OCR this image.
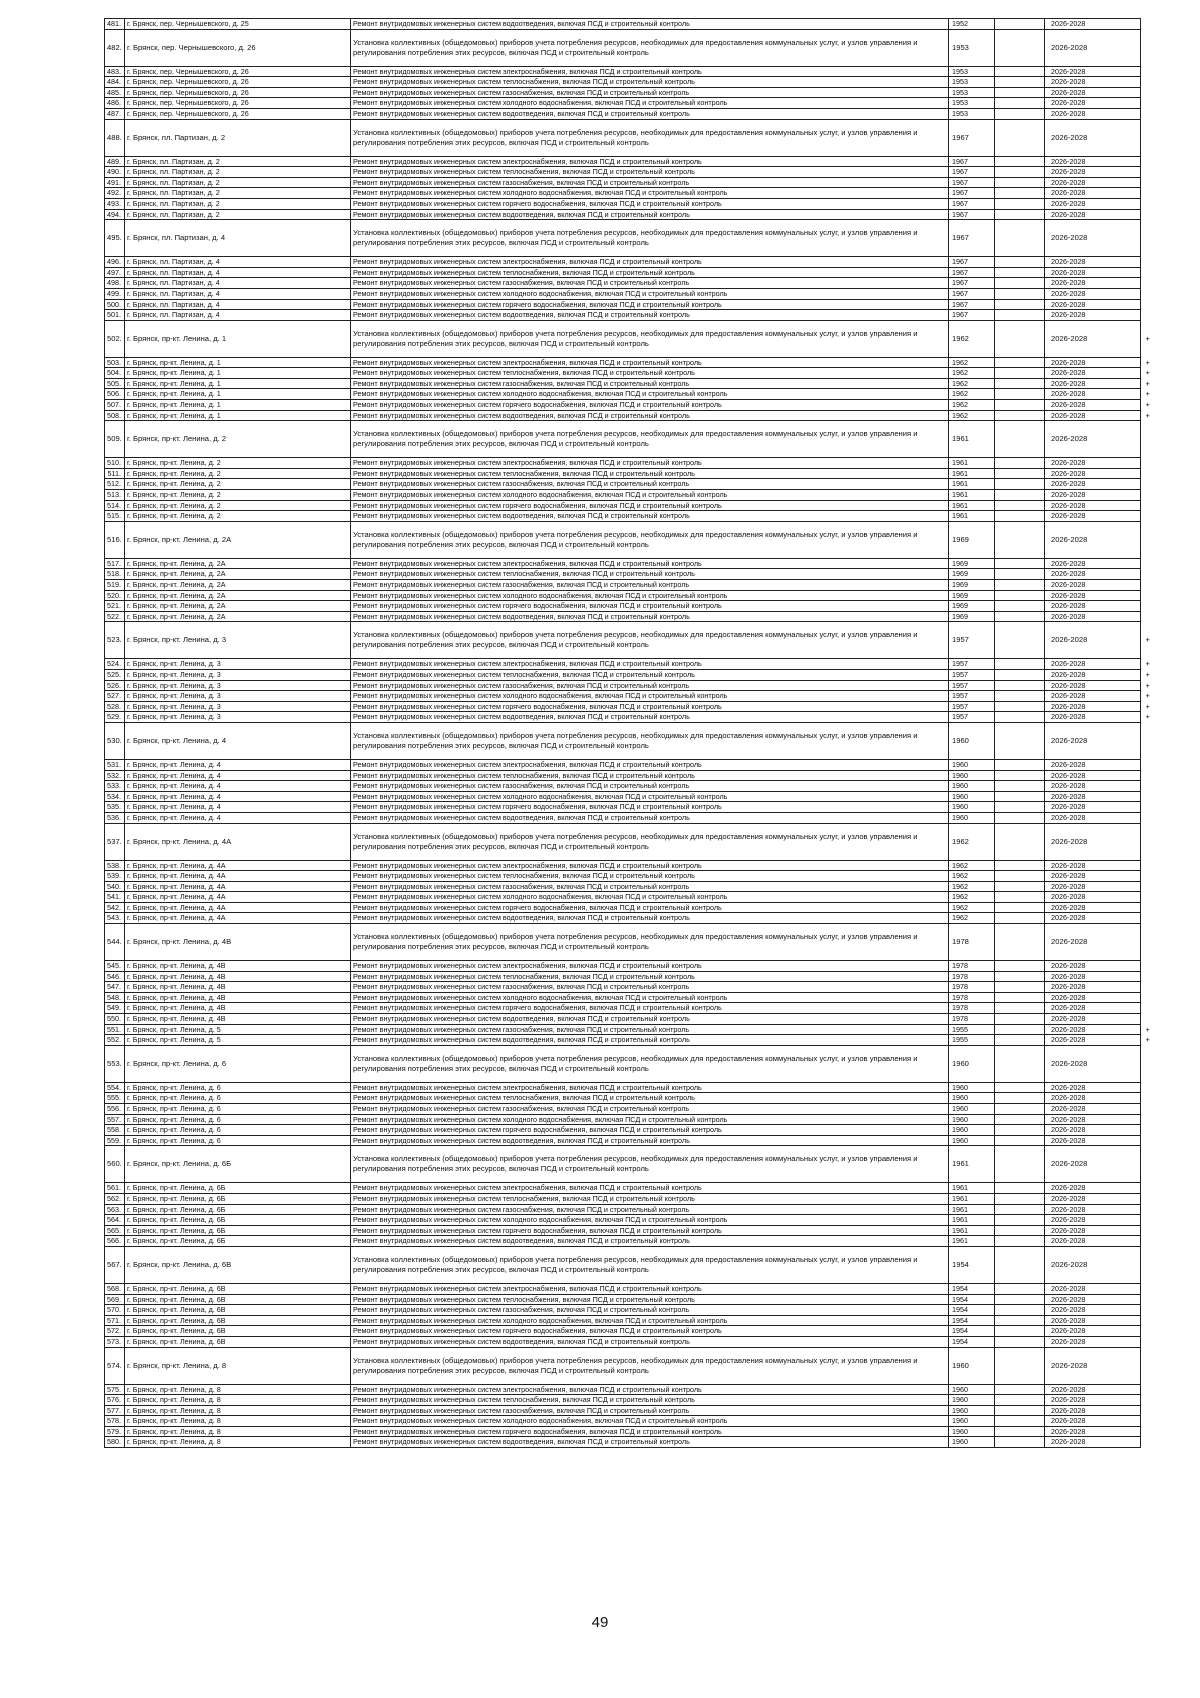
481.	г. Брянск, пер. Чернышевского, д. 25	Ремонт внутридомовых инженерных систем водоотведения, включая ПСД и строительный контроль	1952		2026-2028	
482.	г. Брянск, пер. Чернышевского, д. 26	Установка коллективных (общедомовых) приборов учета потребления ресурсов, необходимых для предоставления коммунальных услуг, и узлов управления и регулирования потребления этих ресурсов, включая ПСД и строительный контроль	1953		2026-2028	
483.	г. Брянск, пер. Чернышевского, д. 26	Ремонт внутридомовых инженерных систем электроснабжения, включая ПСД и строительный контроль	1953		2026-2028	
484.	г. Брянск, пер. Чернышевского, д. 26	Ремонт внутридомовых инженерных систем теплоснабжения, включая ПСД и строительный контроль	1953		2026-2028	
485.	г. Брянск, пер. Чернышевского, д. 26	Ремонт внутридомовых инженерных систем газоснабжения, включая ПСД и строительный контроль	1953		2026-2028	
486.	г. Брянск, пер. Чернышевского, д. 26	Ремонт внутридомовых инженерных систем холодного водоснабжения, включая ПСД и строительный контроль	1953		2026-2028	
487.	г. Брянск, пер. Чернышевского, д. 26	Ремонт внутридомовых инженерных систем водоотведения, включая ПСД и строительный контроль	1953		2026-2028	
488.	г. Брянск, пл. Партизан, д. 2	Установка коллективных (общедомовых) приборов учета потребления ресурсов, необходимых для предоставления коммунальных услуг, и узлов управления и регулирования потребления этих ресурсов, включая ПСД и строительный контроль	1967		2026-2028	
489.	г. Брянск, пл. Партизан, д. 2	Ремонт внутридомовых инженерных систем электроснабжения, включая ПСД и строительный контроль	1967		2026-2028	
490.	г. Брянск, пл. Партизан, д. 2	Ремонт внутридомовых инженерных систем теплоснабжения, включая ПСД и строительный контроль	1967		2026-2028	
491.	г. Брянск, пл. Партизан, д. 2	Ремонт внутридомовых инженерных систем газоснабжения, включая ПСД и строительный контроль	1967		2026-2028	
492.	г. Брянск, пл. Партизан, д. 2	Ремонт внутридомовых инженерных систем холодного водоснабжения, включая ПСД и строительный контроль	1967		2026-2028	
493.	г. Брянск, пл. Партизан, д. 2	Ремонт внутридомовых инженерных систем горячего водоснабжения, включая ПСД и строительный контроль	1967		2026-2028	
494.	г. Брянск, пл. Партизан, д. 2	Ремонт внутридомовых инженерных систем водоотведения, включая ПСД и строительный контроль	1967		2026-2028	
495.	г. Брянск, пл. Партизан, д. 4	Установка коллективных (общедомовых) приборов учета потребления ресурсов, необходимых для предоставления коммунальных услуг, и узлов управления и регулирования потребления этих ресурсов, включая ПСД и строительный контроль	1967		2026-2028	
496.	г. Брянск, пл. Партизан, д. 4	Ремонт внутридомовых инженерных систем электроснабжения, включая ПСД и строительный контроль	1967		2026-2028	
497.	г. Брянск, пл. Партизан, д. 4	Ремонт внутридомовых инженерных систем теплоснабжения, включая ПСД и строительный контроль	1967		2026-2028	
498.	г. Брянск, пл. Партизан, д. 4	Ремонт внутридомовых инженерных систем газоснабжения, включая ПСД и строительный контроль	1967		2026-2028	
499.	г. Брянск, пл. Партизан, д. 4	Ремонт внутридомовых инженерных систем холодного водоснабжения, включая ПСД и строительный контроль	1967		2026-2028	
500.	г. Брянск, пл. Партизан, д. 4	Ремонт внутридомовых инженерных систем горячего водоснабжения, включая ПСД и строительный контроль	1967		2026-2028	
501.	г. Брянск, пл. Партизан, д. 4	Ремонт внутридомовых инженерных систем водоотведения, включая ПСД и строительный контроль	1967		2026-2028	
502.	г. Брянск, пр-кт. Ленина, д. 1	Установка коллективных (общедомовых) приборов учета потребления ресурсов, необходимых для предоставления коммунальных услуг, и узлов управления и регулирования потребления этих ресурсов, включая ПСД и строительный контроль	1962		2026-2028	+
503.	г. Брянск, пр-кт. Ленина, д. 1	Ремонт внутридомовых инженерных систем электроснабжения, включая ПСД и строительный контроль	1962		2026-2028	+
504.	г. Брянск, пр-кт. Ленина, д. 1	Ремонт внутридомовых инженерных систем теплоснабжения, включая ПСД и строительный контроль	1962		2026-2028	+
505.	г. Брянск, пр-кт. Ленина, д. 1	Ремонт внутридомовых инженерных систем газоснабжения, включая ПСД и строительный контроль	1962		2026-2028	+
506.	г. Брянск, пр-кт. Ленина, д. 1	Ремонт внутридомовых инженерных систем холодного водоснабжения, включая ПСД и строительный контроль	1962		2026-2028	+
507.	г. Брянск, пр-кт. Ленина, д. 1	Ремонт внутридомовых инженерных систем горячего водоснабжения, включая ПСД и строительный контроль	1962		2026-2028	+
508.	г. Брянск, пр-кт. Ленина, д. 1	Ремонт внутридомовых инженерных систем водоотведения, включая ПСД и строительный контроль	1962		2026-2028	+
509.	г. Брянск, пр-кт. Ленина, д. 2	Установка коллективных (общедомовых) приборов учета потребления ресурсов, необходимых для предоставления коммунальных услуг, и узлов управления и регулирования потребления этих ресурсов, включая ПСД и строительный контроль	1961		2026-2028	
510.	г. Брянск, пр-кт. Ленина, д. 2	Ремонт внутридомовых инженерных систем электроснабжения, включая ПСД и строительный контроль	1961		2026-2028	
511.	г. Брянск, пр-кт. Ленина, д. 2	Ремонт внутридомовых инженерных систем теплоснабжения, включая ПСД и строительный контроль	1961		2026-2028	
512.	г. Брянск, пр-кт. Ленина, д. 2	Ремонт внутридомовых инженерных систем газоснабжения, включая ПСД и строительный контроль	1961		2026-2028	
513.	г. Брянск, пр-кт. Ленина, д. 2	Ремонт внутридомовых инженерных систем холодного водоснабжения, включая ПСД и строительный контроль	1961		2026-2028	
514.	г. Брянск, пр-кт. Ленина, д. 2	Ремонт внутридомовых инженерных систем горячего водоснабжения, включая ПСД и строительный контроль	1961		2026-2028	
515.	г. Брянск, пр-кт. Ленина, д. 2	Ремонт внутридомовых инженерных систем водоотведения, включая ПСД и строительный контроль	1961		2026-2028	
516.	г. Брянск, пр-кт. Ленина, д. 2А	Установка коллективных (общедомовых) приборов учета потребления ресурсов, необходимых для предоставления коммунальных услуг, и узлов управления и регулирования потребления этих ресурсов, включая ПСД и строительный контроль	1969		2026-2028	
517.	г. Брянск, пр-кт. Ленина, д. 2А	Ремонт внутридомовых инженерных систем электроснабжения, включая ПСД и строительный контроль	1969		2026-2028	
518.	г. Брянск, пр-кт. Ленина, д. 2А	Ремонт внутридомовых инженерных систем теплоснабжения, включая ПСД и строительный контроль	1969		2026-2028	
519.	г. Брянск, пр-кт. Ленина, д. 2А	Ремонт внутридомовых инженерных систем газоснабжения, включая ПСД и строительный контроль	1969		2026-2028	
520.	г. Брянск, пр-кт. Ленина, д. 2А	Ремонт внутридомовых инженерных систем холодного водоснабжения, включая ПСД и строительный контроль	1969		2026-2028	
521.	г. Брянск, пр-кт. Ленина, д. 2А	Ремонт внутридомовых инженерных систем горячего водоснабжения, включая ПСД и строительный контроль	1969		2026-2028	
522.	г. Брянск, пр-кт. Ленина, д. 2А	Ремонт внутридомовых инженерных систем водоотведения, включая ПСД и строительный контроль	1969		2026-2028	
523.	г. Брянск, пр-кт. Ленина, д. 3	Установка коллективных (общедомовых) приборов учета потребления ресурсов, необходимых для предоставления коммунальных услуг, и узлов управления и регулирования потребления этих ресурсов, включая ПСД и строительный контроль	1957		2026-2028	+
524.	г. Брянск, пр-кт. Ленина, д. 3	Ремонт внутридомовых инженерных систем электроснабжения, включая ПСД и строительный контроль	1957		2026-2028	+
525.	г. Брянск, пр-кт. Ленина, д. 3	Ремонт внутридомовых инженерных систем теплоснабжения, включая ПСД и строительный контроль	1957		2026-2028	+
526.	г. Брянск, пр-кт. Ленина, д. 3	Ремонт внутридомовых инженерных систем газоснабжения, включая ПСД и строительный контроль	1957		2026-2028	+
527.	г. Брянск, пр-кт. Ленина, д. 3	Ремонт внутридомовых инженерных систем холодного водоснабжения, включая ПСД и строительный контроль	1957		2026-2028	+
528.	г. Брянск, пр-кт. Ленина, д. 3	Ремонт внутридомовых инженерных систем горячего водоснабжения, включая ПСД и строительный контроль	1957		2026-2028	+
529.	г. Брянск, пр-кт. Ленина, д. 3	Ремонт внутридомовых инженерных систем водоотведения, включая ПСД и строительный контроль	1957		2026-2028	+
530.	г. Брянск, пр-кт. Ленина, д. 4	Установка коллективных (общедомовых) приборов учета потребления ресурсов, необходимых для предоставления коммунальных услуг, и узлов управления и регулирования потребления этих ресурсов, включая ПСД и строительный контроль	1960		2026-2028	
531.	г. Брянск, пр-кт. Ленина, д. 4	Ремонт внутридомовых инженерных систем электроснабжения, включая ПСД и строительный контроль	1960		2026-2028	
532.	г. Брянск, пр-кт. Ленина, д. 4	Ремонт внутридомовых инженерных систем теплоснабжения, включая ПСД и строительный контроль	1960		2026-2028	
533.	г. Брянск, пр-кт. Ленина, д. 4	Ремонт внутридомовых инженерных систем газоснабжения, включая ПСД и строительный контроль	1960		2026-2028	
534.	г. Брянск, пр-кт. Ленина, д. 4	Ремонт внутридомовых инженерных систем холодного водоснабжения, включая ПСД и строительный контроль	1960		2026-2028	
535.	г. Брянск, пр-кт. Ленина, д. 4	Ремонт внутридомовых инженерных систем горячего водоснабжения, включая ПСД и строительный контроль	1960		2026-2028	
536.	г. Брянск, пр-кт. Ленина, д. 4	Ремонт внутридомовых инженерных систем водоотведения, включая ПСД и строительный контроль	1960		2026-2028	
537.	г. Брянск, пр-кт. Ленина, д. 4А	Установка коллективных (общедомовых) приборов учета потребления ресурсов, необходимых для предоставления коммунальных услуг, и узлов управления и регулирования потребления этих ресурсов, включая ПСД и строительный контроль	1962		2026-2028	
538.	г. Брянск, пр-кт. Ленина, д. 4А	Ремонт внутридомовых инженерных систем электроснабжения, включая ПСД и строительный контроль	1962		2026-2028	
539.	г. Брянск, пр-кт. Ленина, д. 4А	Ремонт внутридомовых инженерных систем теплоснабжения, включая ПСД и строительный контроль	1962		2026-2028	
540.	г. Брянск, пр-кт. Ленина, д. 4А	Ремонт внутридомовых инженерных систем газоснабжения, включая ПСД и строительный контроль	1962		2026-2028	
541.	г. Брянск, пр-кт. Ленина, д. 4А	Ремонт внутридомовых инженерных систем холодного водоснабжения, включая ПСД и строительный контроль	1962		2026-2028	
542.	г. Брянск, пр-кт. Ленина, д. 4А	Ремонт внутридомовых инженерных систем горячего водоснабжения, включая ПСД и строительный контроль	1962		2026-2028	
543.	г. Брянск, пр-кт. Ленина, д. 4А	Ремонт внутридомовых инженерных систем водоотведения, включая ПСД и строительный контроль	1962		2026-2028	
544.	г. Брянск, пр-кт. Ленина, д. 4В	Установка коллективных (общедомовых) приборов учета потребления ресурсов, необходимых для предоставления коммунальных услуг, и узлов управления и регулирования потребления этих ресурсов, включая ПСД и строительный контроль	1978		2026-2028	
545.	г. Брянск, пр-кт. Ленина, д. 4В	Ремонт внутридомовых инженерных систем электроснабжения, включая ПСД и строительный контроль	1978		2026-2028	
546.	г. Брянск, пр-кт. Ленина, д. 4В	Ремонт внутридомовых инженерных систем теплоснабжения, включая ПСД и строительный контроль	1978		2026-2028	
547.	г. Брянск, пр-кт. Ленина, д. 4В	Ремонт внутридомовых инженерных систем газоснабжения, включая ПСД и строительный контроль	1978		2026-2028	
548.	г. Брянск, пр-кт. Ленина, д. 4В	Ремонт внутридомовых инженерных систем холодного водоснабжения, включая ПСД и строительный контроль	1978		2026-2028	
549.	г. Брянск, пр-кт. Ленина, д. 4В	Ремонт внутридомовых инженерных систем горячего водоснабжения, включая ПСД и строительный контроль	1978		2026-2028	
550.	г. Брянск, пр-кт. Ленина, д. 4В	Ремонт внутридомовых инженерных систем водоотведения, включая ПСД и строительный контроль	1978		2026-2028	
551.	г. Брянск, пр-кт. Ленина, д. 5	Ремонт внутридомовых инженерных систем газоснабжения, включая ПСД и строительный контроль	1955		2026-2028	+
552.	г. Брянск, пр-кт. Ленина, д. 5	Ремонт внутридомовых инженерных систем водоотведения, включая ПСД и строительный контроль	1955		2026-2028	+
553.	г. Брянск, пр-кт. Ленина, д. 6	Установка коллективных (общедомовых) приборов учета потребления ресурсов, необходимых для предоставления коммунальных услуг, и узлов управления и регулирования потребления этих ресурсов, включая ПСД и строительный контроль	1960		2026-2028	
554.	г. Брянск, пр-кт. Ленина, д. 6	Ремонт внутридомовых инженерных систем электроснабжения, включая ПСД и строительный контроль	1960		2026-2028	
555.	г. Брянск, пр-кт. Ленина, д. 6	Ремонт внутридомовых инженерных систем теплоснабжения, включая ПСД и строительный контроль	1960		2026-2028	
556.	г. Брянск, пр-кт. Ленина, д. 6	Ремонт внутридомовых инженерных систем газоснабжения, включая ПСД и строительный контроль	1960		2026-2028	
557.	г. Брянск, пр-кт. Ленина, д. 6	Ремонт внутридомовых инженерных систем холодного водоснабжения, включая ПСД и строительный контроль	1960		2026-2028	
558.	г. Брянск, пр-кт. Ленина, д. 6	Ремонт внутридомовых инженерных систем горячего водоснабжения, включая ПСД и строительный контроль	1960		2026-2028	
559.	г. Брянск, пр-кт. Ленина, д. 6	Ремонт внутридомовых инженерных систем водоотведения, включая ПСД и строительный контроль	1960		2026-2028	
560.	г. Брянск, пр-кт. Ленина, д. 6Б	Установка коллективных (общедомовых) приборов учета потребления ресурсов, необходимых для предоставления коммунальных услуг, и узлов управления и регулирования потребления этих ресурсов, включая ПСД и строительный контроль	1961		2026-2028	
561.	г. Брянск, пр-кт. Ленина, д. 6Б	Ремонт внутридомовых инженерных систем электроснабжения, включая ПСД и строительный контроль	1961		2026-2028	
562.	г. Брянск, пр-кт. Ленина, д. 6Б	Ремонт внутридомовых инженерных систем теплоснабжения, включая ПСД и строительный контроль	1961		2026-2028	
563.	г. Брянск, пр-кт. Ленина, д. 6Б	Ремонт внутридомовых инженерных систем газоснабжения, включая ПСД и строительный контроль	1961		2026-2028	
564.	г. Брянск, пр-кт. Ленина, д. 6Б	Ремонт внутридомовых инженерных систем холодного водоснабжения, включая ПСД и строительный контроль	1961		2026-2028	
565.	г. Брянск, пр-кт. Ленина, д. 6Б	Ремонт внутридомовых инженерных систем горячего водоснабжения, включая ПСД и строительный контроль	1961		2026-2028	
566.	г. Брянск, пр-кт. Ленина, д. 6Б	Ремонт внутридомовых инженерных систем водоотведения, включая ПСД и строительный контроль	1961		2026-2028	
567.	г. Брянск, пр-кт. Ленина, д. 6В	Установка коллективных (общедомовых) приборов учета потребления ресурсов, необходимых для предоставления коммунальных услуг, и узлов управления и регулирования потребления этих ресурсов, включая ПСД и строительный контроль	1954		2026-2028	
568.	г. Брянск, пр-кт. Ленина, д. 6В	Ремонт внутридомовых инженерных систем электроснабжения, включая ПСД и строительный контроль	1954		2026-2028	
569.	г. Брянск, пр-кт. Ленина, д. 6В	Ремонт внутридомовых инженерных систем теплоснабжения, включая ПСД и строительный контроль	1954		2026-2028	
570.	г. Брянск, пр-кт. Ленина, д. 6В	Ремонт внутридомовых инженерных систем газоснабжения, включая ПСД и строительный контроль	1954		2026-2028	
571.	г. Брянск, пр-кт. Ленина, д. 6В	Ремонт внутридомовых инженерных систем холодного водоснабжения, включая ПСД и строительный контроль	1954		2026-2028	
572.	г. Брянск, пр-кт. Ленина, д. 6В	Ремонт внутридомовых инженерных систем горячего водоснабжения, включая ПСД и строительный контроль	1954		2026-2028	
573.	г. Брянск, пр-кт. Ленина, д. 6В	Ремонт внутридомовых инженерных систем водоотведения, включая ПСД и строительный контроль	1954		2026-2028	
574.	г. Брянск, пр-кт. Ленина, д. 8	Установка коллективных (общедомовых) приборов учета потребления ресурсов, необходимых для предоставления коммунальных услуг, и узлов управления и регулирования потребления этих ресурсов, включая ПСД и строительный контроль	1960		2026-2028	
575.	г. Брянск, пр-кт. Ленина, д. 8	Ремонт внутридомовых инженерных систем электроснабжения, включая ПСД и строительный контроль	1960		2026-2028	
576.	г. Брянск, пр-кт. Ленина, д. 8	Ремонт внутридомовых инженерных систем теплоснабжения, включая ПСД и строительный контроль	1960		2026-2028	
577.	г. Брянск, пр-кт. Ленина, д. 8	Ремонт внутридомовых инженерных систем газоснабжения, включая ПСД и строительный контроль	1960		2026-2028	
578.	г. Брянск, пр-кт. Ленина, д. 8	Ремонт внутридомовых инженерных систем холодного водоснабжения, включая ПСД и строительный контроль	1960		2026-2028	
579.	г. Брянск, пр-кт. Ленина, д. 8	Ремонт внутридомовых инженерных систем горячего водоснабжения, включая ПСД и строительный контроль	1960		2026-2028	
580.	г. Брянск, пр-кт. Ленина, д. 8	Ремонт внутридомовых инженерных систем водоотведения, включая ПСД и строительный контроль	1960		2026-2028	
49
